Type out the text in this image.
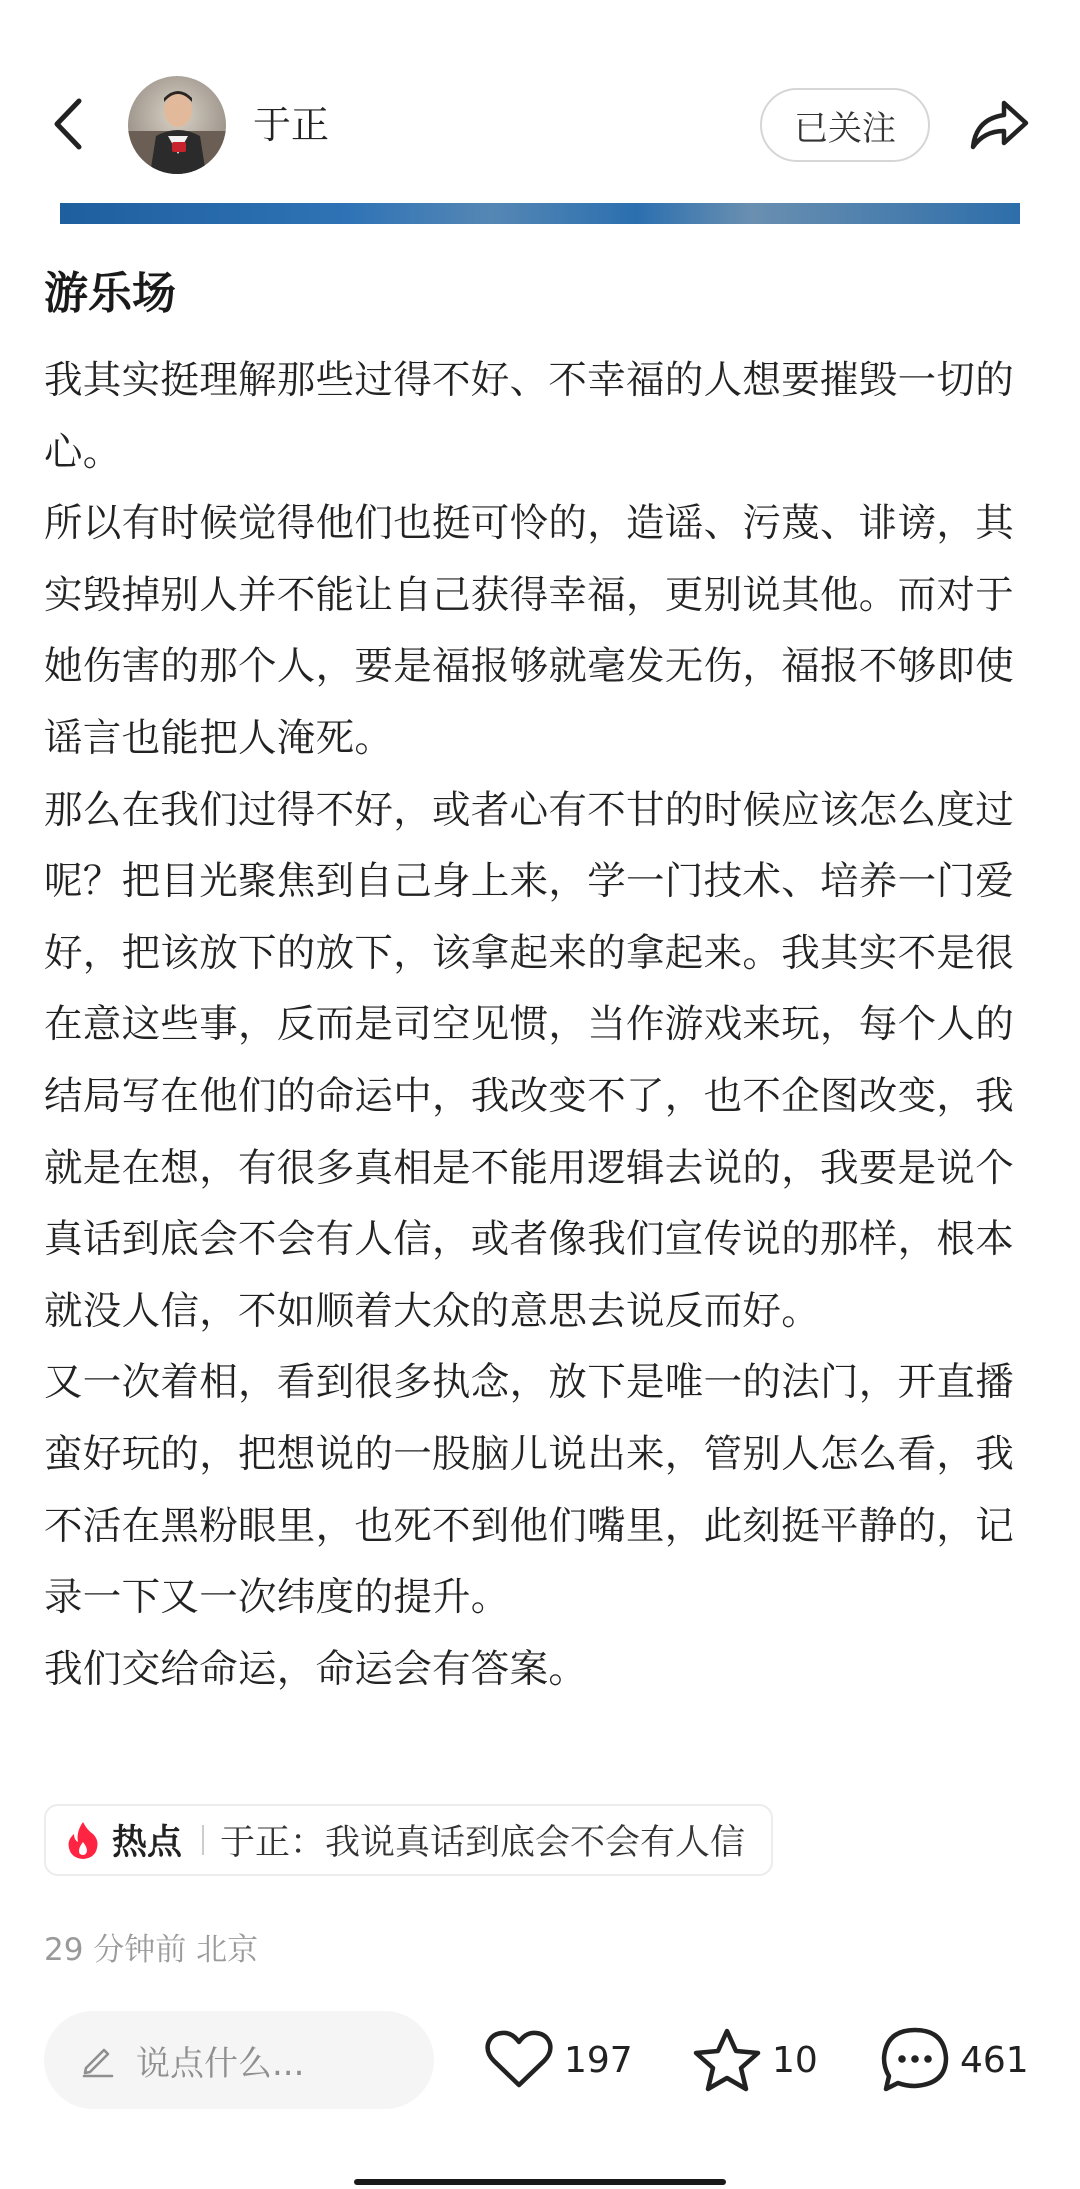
于正	已关注
游乐场

我其实挺理解那些过得不好、不幸福的人想要摧毁一切的心。

所以有时候觉得他们也挺可怜的，造谣、污蔑、诽谤，其实毁掉别人并不能让自己获得幸福，更别说其他。而对于她伤害的那个人，要是福报够就毫发无伤，福报不够即使谣言也能把人淹死。

那么在我们过得不好，或者心有不甘的时候应该怎么度过呢？把目光聚焦到自己身上来，学一门技术、培养一门爱好，把该放下的放下，该拿起来的拿起来。我其实不是很在意这些事，反而是司空见惯，当作游戏来玩，每个人的结局写在他们的命运中，我改变不了，也不企图改变，我就是在想，有很多真相是不能用逻辑去说的，我要是说个真话到底会不会有人信，或者像我们宣传说的那样，根本就没人信，不如顺着大众的意思去说反而好。

又一次着相，看到很多执念，放下是唯一的法门，开直播蛮好玩的，把想说的一股脑儿说出来，管别人怎么看，我不活在黑粉眼里，也死不到他们嘴里，此刻挺平静的，记录一下又一次纬度的提升。

我们交给命运，命运会有答案。

热点 于正：我说真话到底会不会有人信
29 分钟前 北京
说点什么...	197	10	461
